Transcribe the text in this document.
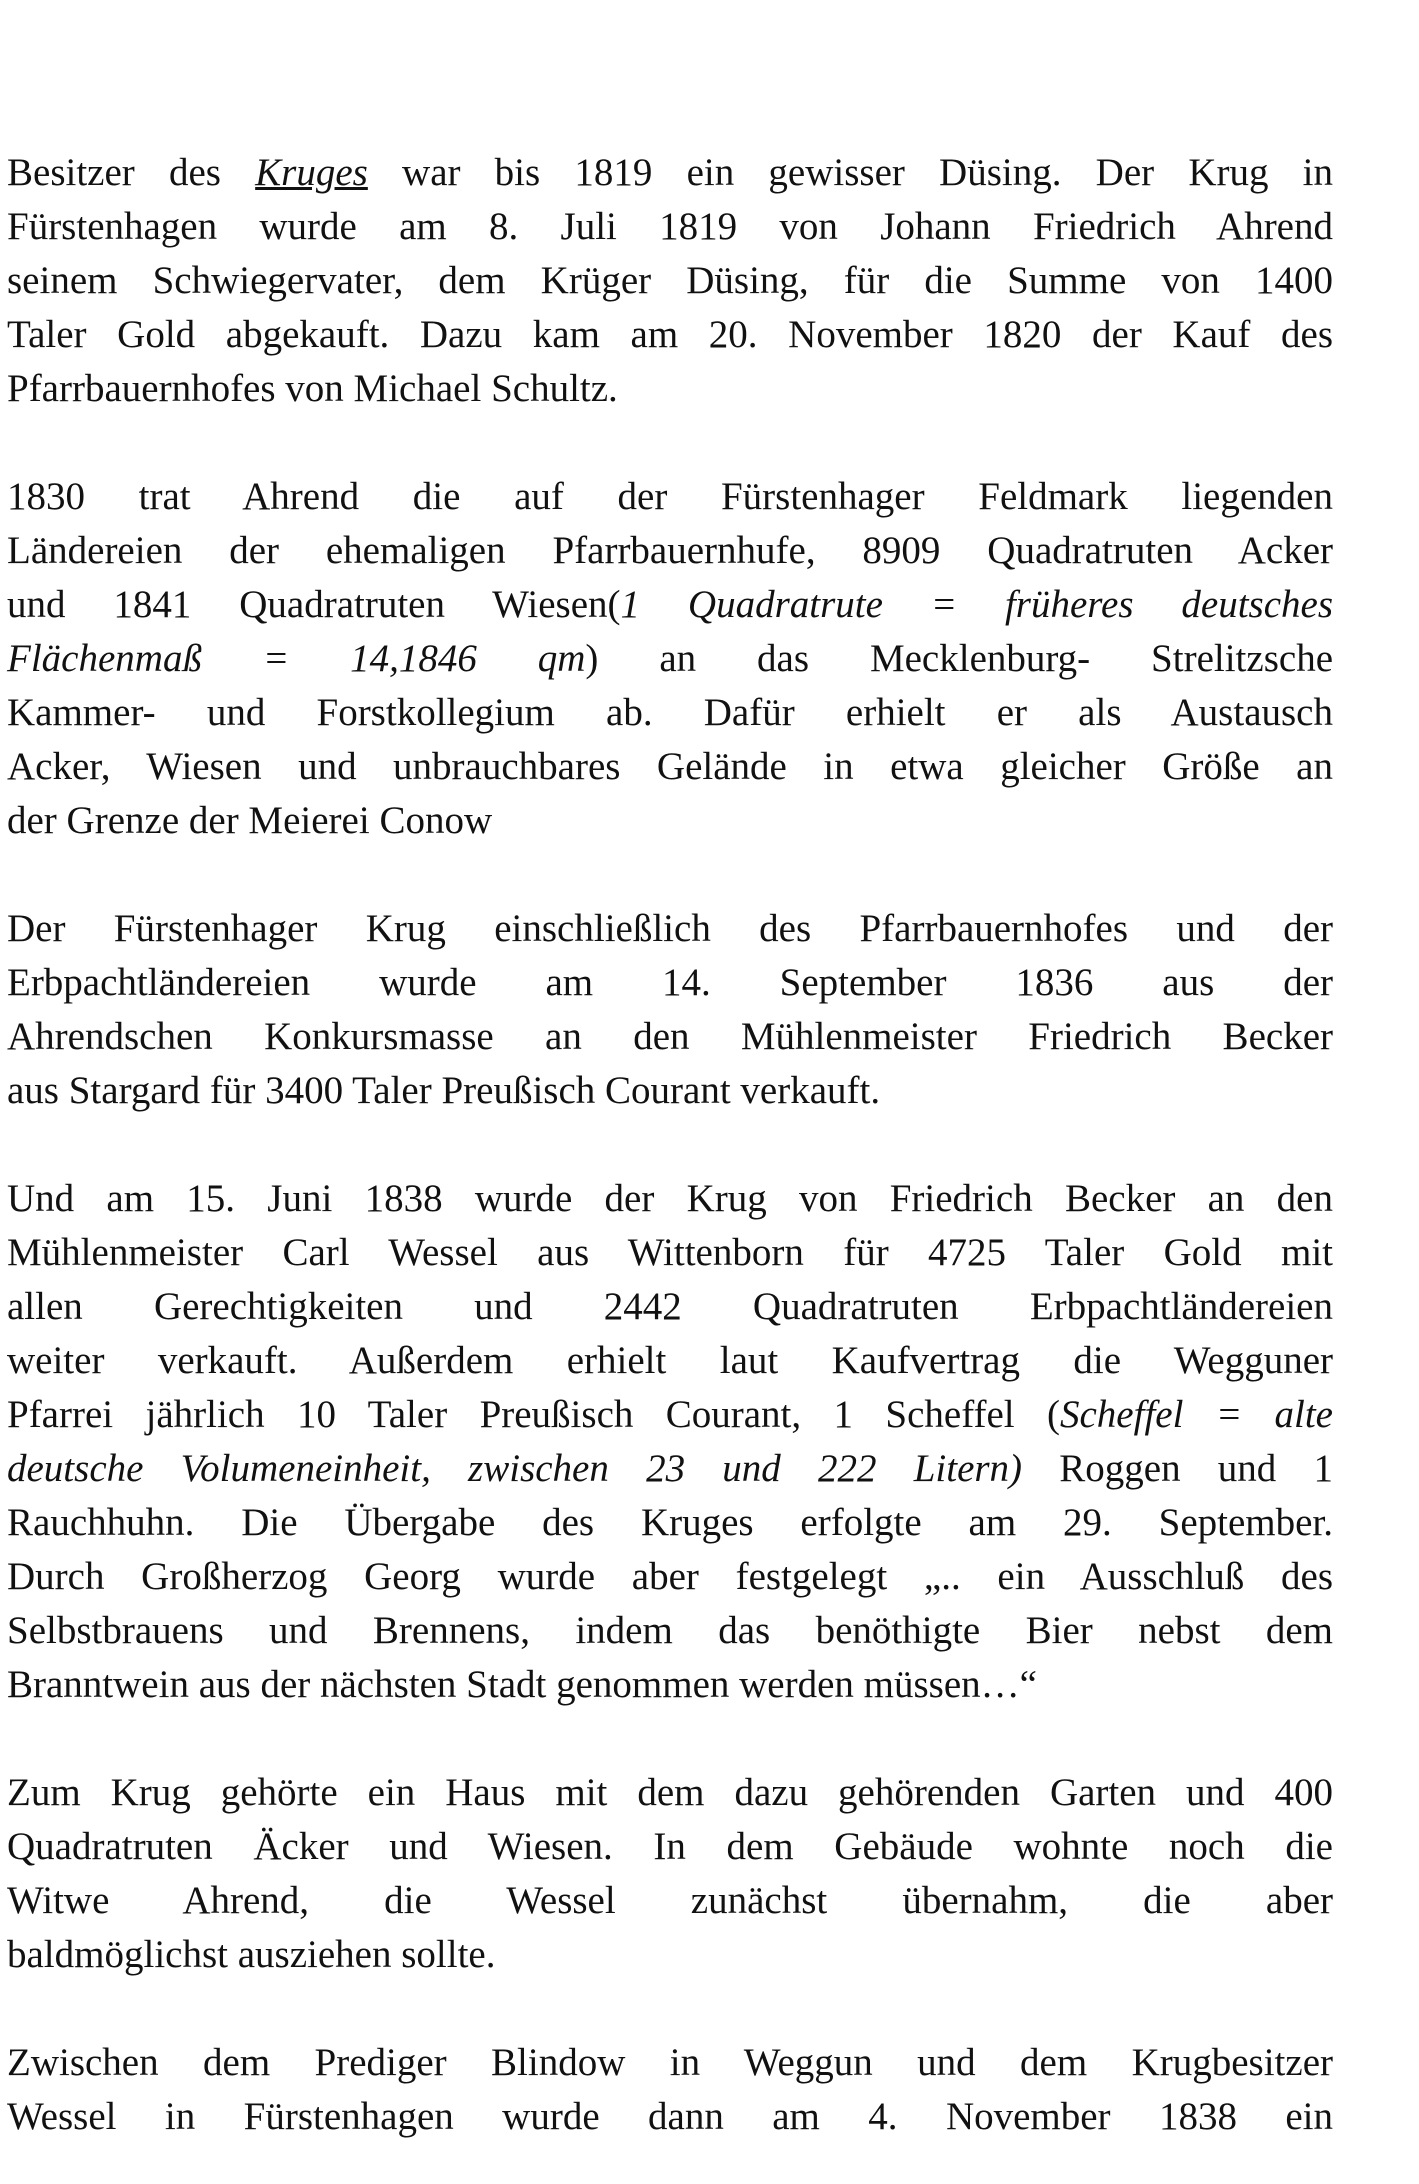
Besitzer des Kruges war bis 1819 ein gewisser Düsing. Der Krug in
Fürstenhagen wurde am 8. Juli 1819 von Johann Friedrich Ahrend
seinem Schwiegervater, dem Krüger Düsing, für die Summe von 1400
Taler Gold abgekauft. Dazu kam am 20. November 1820 der Kauf des
Pfarrbauernhofes von Michael Schultz.
1830 trat Ahrend die auf der Fürstenhager Feldmark liegenden
Ländereien der ehemaligen Pfarrbauernhufe, 8909 Quadratruten Acker
und 1841 Quadratruten Wiesen(1 Quadratrute = früheres deutsches
Flächenmaß = 14,1846 qm) an das Mecklenburg- Strelitzsche
Kammer- und Forstkollegium ab. Dafür erhielt er als Austausch
Acker, Wiesen und unbrauchbares Gelände in etwa gleicher Größe an
der Grenze der Meierei Conow
Der Fürstenhager Krug einschließlich des Pfarrbauernhofes und der
Erbpachtländereien wurde am 14. September 1836 aus der
Ahrendschen Konkursmasse an den Mühlenmeister Friedrich Becker
aus Stargard für 3400 Taler Preußisch Courant verkauft.
Und am 15. Juni 1838 wurde der Krug von Friedrich Becker an den
Mühlenmeister Carl Wessel aus Wittenborn für 4725 Taler Gold mit
allen Gerechtigkeiten und 2442 Quadratruten Erbpachtländereien
weiter verkauft. Außerdem erhielt laut Kaufvertrag die Wegguner
Pfarrei jährlich 10 Taler Preußisch Courant, 1 Scheffel (Scheffel = alte
deutsche Volumeneinheit, zwischen 23 und 222 Litern) Roggen und 1
Rauchhuhn. Die Übergabe des Kruges erfolgte am 29. September.
Durch Großherzog Georg wurde aber festgelegt „.. ein Ausschluß des
Selbstbrauens und Brennens, indem das benöthigte Bier nebst dem
Branntwein aus der nächsten Stadt genommen werden müssen…“
Zum Krug gehörte ein Haus mit dem dazu gehörenden Garten und 400
Quadratruten Äcker und Wiesen. In dem Gebäude wohnte noch die
Witwe Ahrend, die Wessel zunächst übernahm, die aber
baldmöglichst ausziehen sollte.
Zwischen dem Prediger Blindow in Weggun und dem Krugbesitzer
Wessel in Fürstenhagen wurde dann am 4. November 1838 ein
